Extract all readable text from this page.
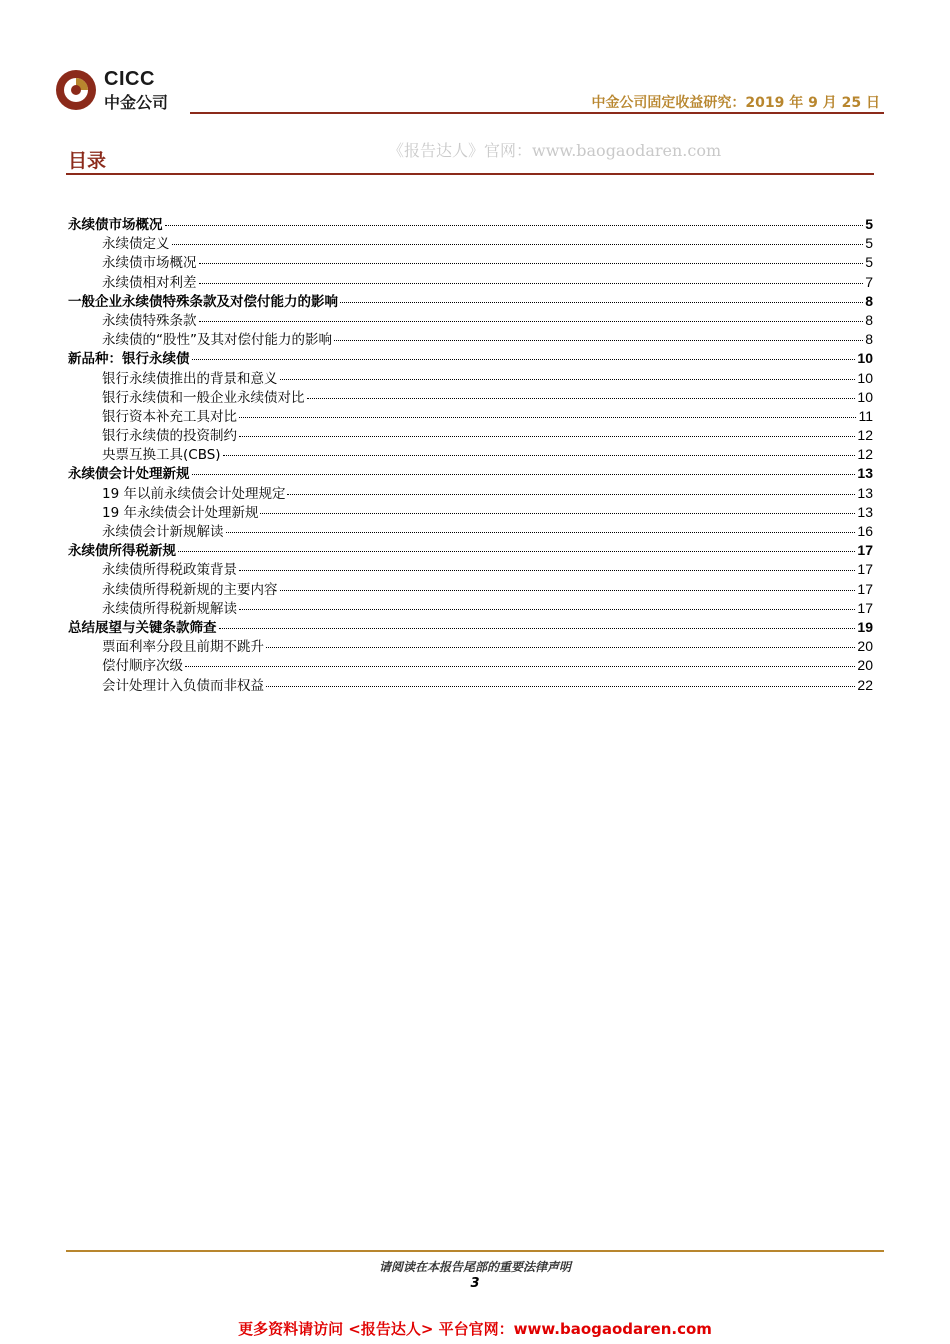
CICC
中金公司	中金公司固定收益研究：2019 年 9 月 25 日
目录	《报告达人》官网：www.baogaodaren.com
永续债市场概况	5
永续债定义	5
永续债市场概况	5
永续债相对利差	7
一般企业永续债特殊条款及对偿付能力的影响	8
永续债特殊条款	8
永续债的“股性”及其对偿付能力的影响	8
新品种：银行永续债	10
银行永续债推出的背景和意义	10
银行永续债和一般企业永续债对比	10
银行资本补充工具对比	11
银行永续债的投资制约	12
央票互换工具(CBS)	12
永续债会计处理新规	13
19 年以前永续债会计处理规定	13
19 年永续债会计处理新规	13
永续债会计新规解读	16
永续债所得税新规	17
永续债所得税政策背景	17
永续债所得税新规的主要内容	17
永续债所得税新规解读	17
总结展望与关键条款筛查	19
票面利率分段且前期不跳升	20
偿付顺序次级	20
会计处理计入负债而非权益	22
请阅读在本报告尾部的重要法律声明
3
更多资料请访问 <报告达人> 平台官网：www.baogaodaren.com
